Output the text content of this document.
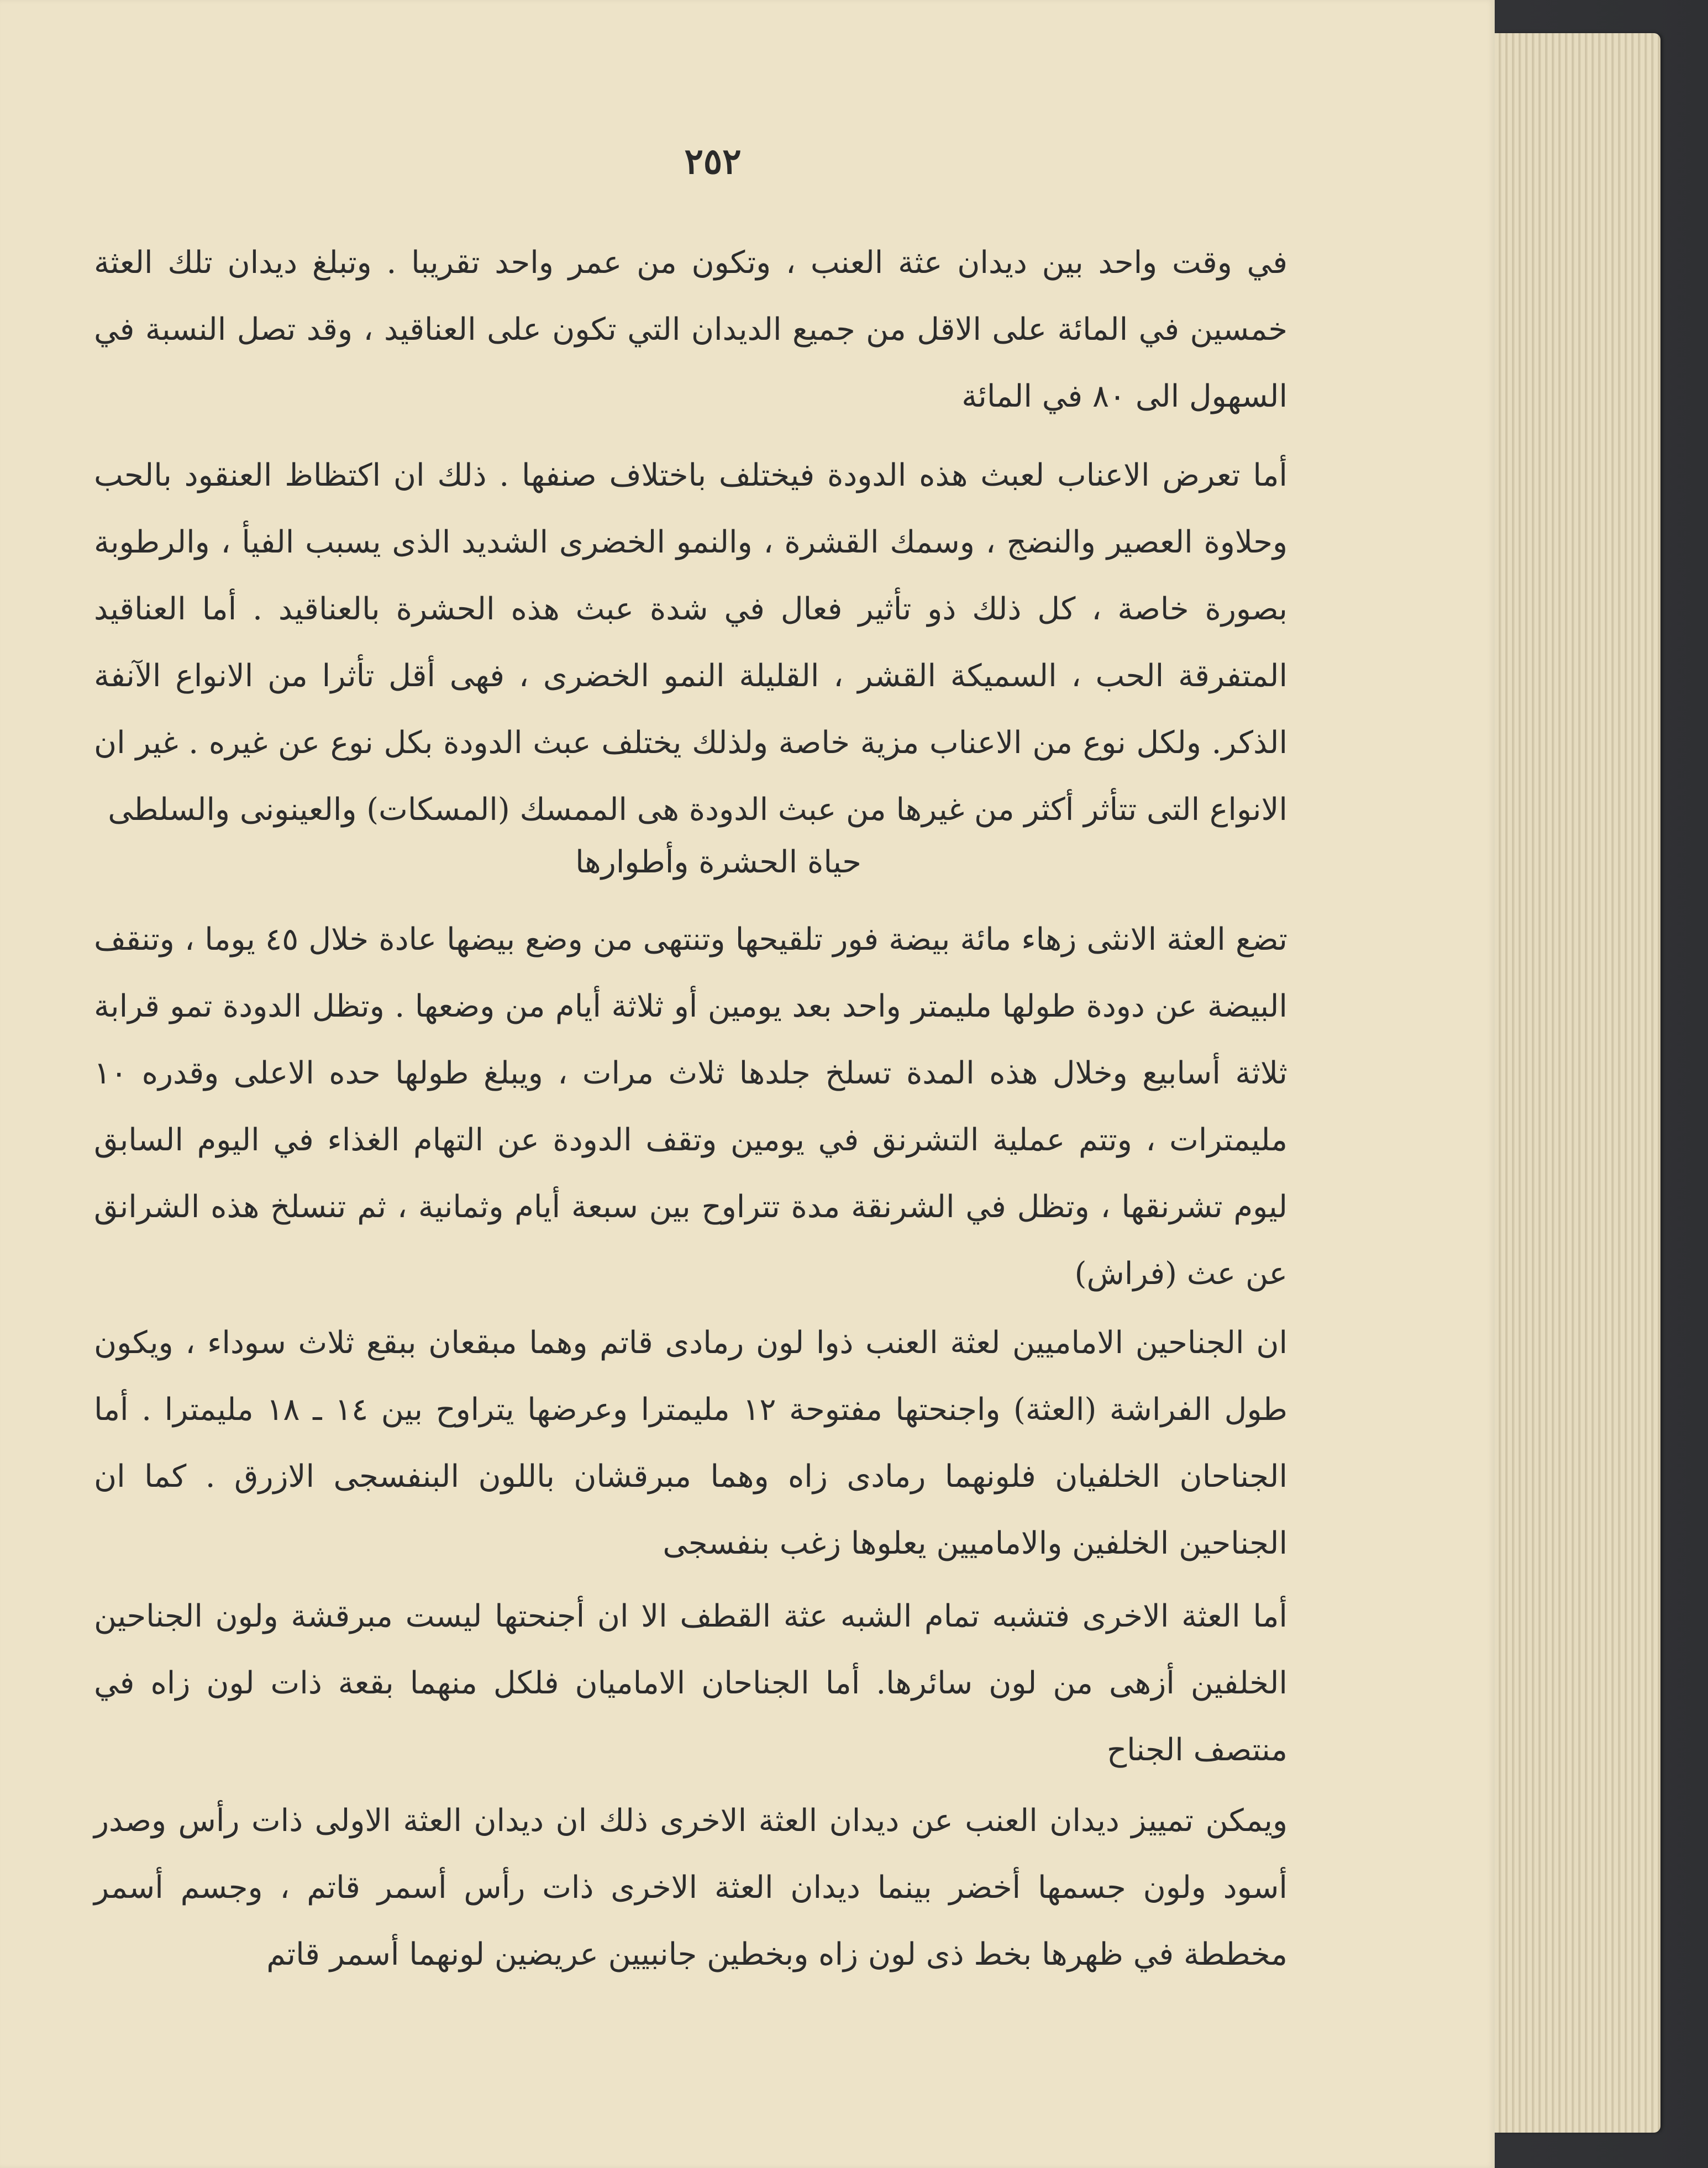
٢٥٢
في وقت واحد بين ديدان عثة العنب ، وتكون من عمر واحد تقريبا . وتبلغ ديدان تلك العثة خمسين في المائة على الاقل من جميع الديدان التي تكون على العناقيد ، وقد تصل النسبة في السهول الى ٨٠ في المائة
أما تعرض الاعناب لعبث هذه الدودة فيختلف باختلاف صنفها . ذلك ان اكتظاظ العنقود بالحب وحلاوة العصير والنضج ، وسمك القشرة ، والنمو الخضرى الشديد الذى يسبب الفيأ ، والرطوبة بصورة خاصة ، كل ذلك ذو تأثير فعال في شدة عبث هذه الحشرة بالعناقيد . أما العناقيد المتفرقة الحب ، السميكة القشر ، القليلة النمو الخضرى ، فهى أقل تأثرا من الانواع الآنفة الذكر. ولكل نوع من الاعناب مزية خاصة ولذلك يختلف عبث الدودة بكل نوع عن غيره . غير ان الانواع التى تتأثر أكثر من غيرها من عبث الدودة هى الممسك (المسكات) والعينونى والسلطى
حياة الحشرة وأطوارها
تضع العثة الانثى زهاء مائة بيضة فور تلقيحها وتنتهى من وضع بيضها عادة خلال ٤٥ يوما ، وتنقف البيضة عن دودة طولها مليمتر واحد بعد يومين أو ثلاثة أيام من وضعها . وتظل الدودة تمو قرابة ثلاثة أسابيع وخلال هذه المدة تسلخ جلدها ثلاث مرات ، ويبلغ طولها حده الاعلى وقدره ١٠ مليمترات ، وتتم عملية التشرنق في يومين وتقف الدودة عن التهام الغذاء في اليوم السابق ليوم تشرنقها ، وتظل في الشرنقة مدة تتراوح بين سبعة أيام وثمانية ، ثم تنسلخ هذه الشرانق عن عث (فراش)
ان الجناحين الاماميين لعثة العنب ذوا لون رمادى قاتم وهما مبقعان ببقع ثلاث سوداء ، ويكون طول الفراشة (العثة) واجنحتها مفتوحة ١٢ مليمترا وعرضها يتراوح بين ١٤ ـ ١٨ مليمترا . أما الجناحان الخلفيان فلونهما رمادى زاه وهما مبرقشان باللون البنفسجى الازرق . كما ان الجناحين الخلفين والاماميين يعلوها زغب بنفسجى
أما العثة الاخرى فتشبه تمام الشبه عثة القطف الا ان أجنحتها ليست مبرقشة ولون الجناحين الخلفين أزهى من لون سائرها. أما الجناحان الاماميان فلكل منهما بقعة ذات لون زاه في منتصف الجناح
ويمكن تمييز ديدان العنب عن ديدان العثة الاخرى ذلك ان ديدان العثة الاولى ذات رأس وصدر أسود ولون جسمها أخضر بينما ديدان العثة الاخرى ذات رأس أسمر قاتم ، وجسم أسمر مخططة في ظهرها بخط ذى لون زاه وبخطين جانبيين عريضين لونهما أسمر قاتم
